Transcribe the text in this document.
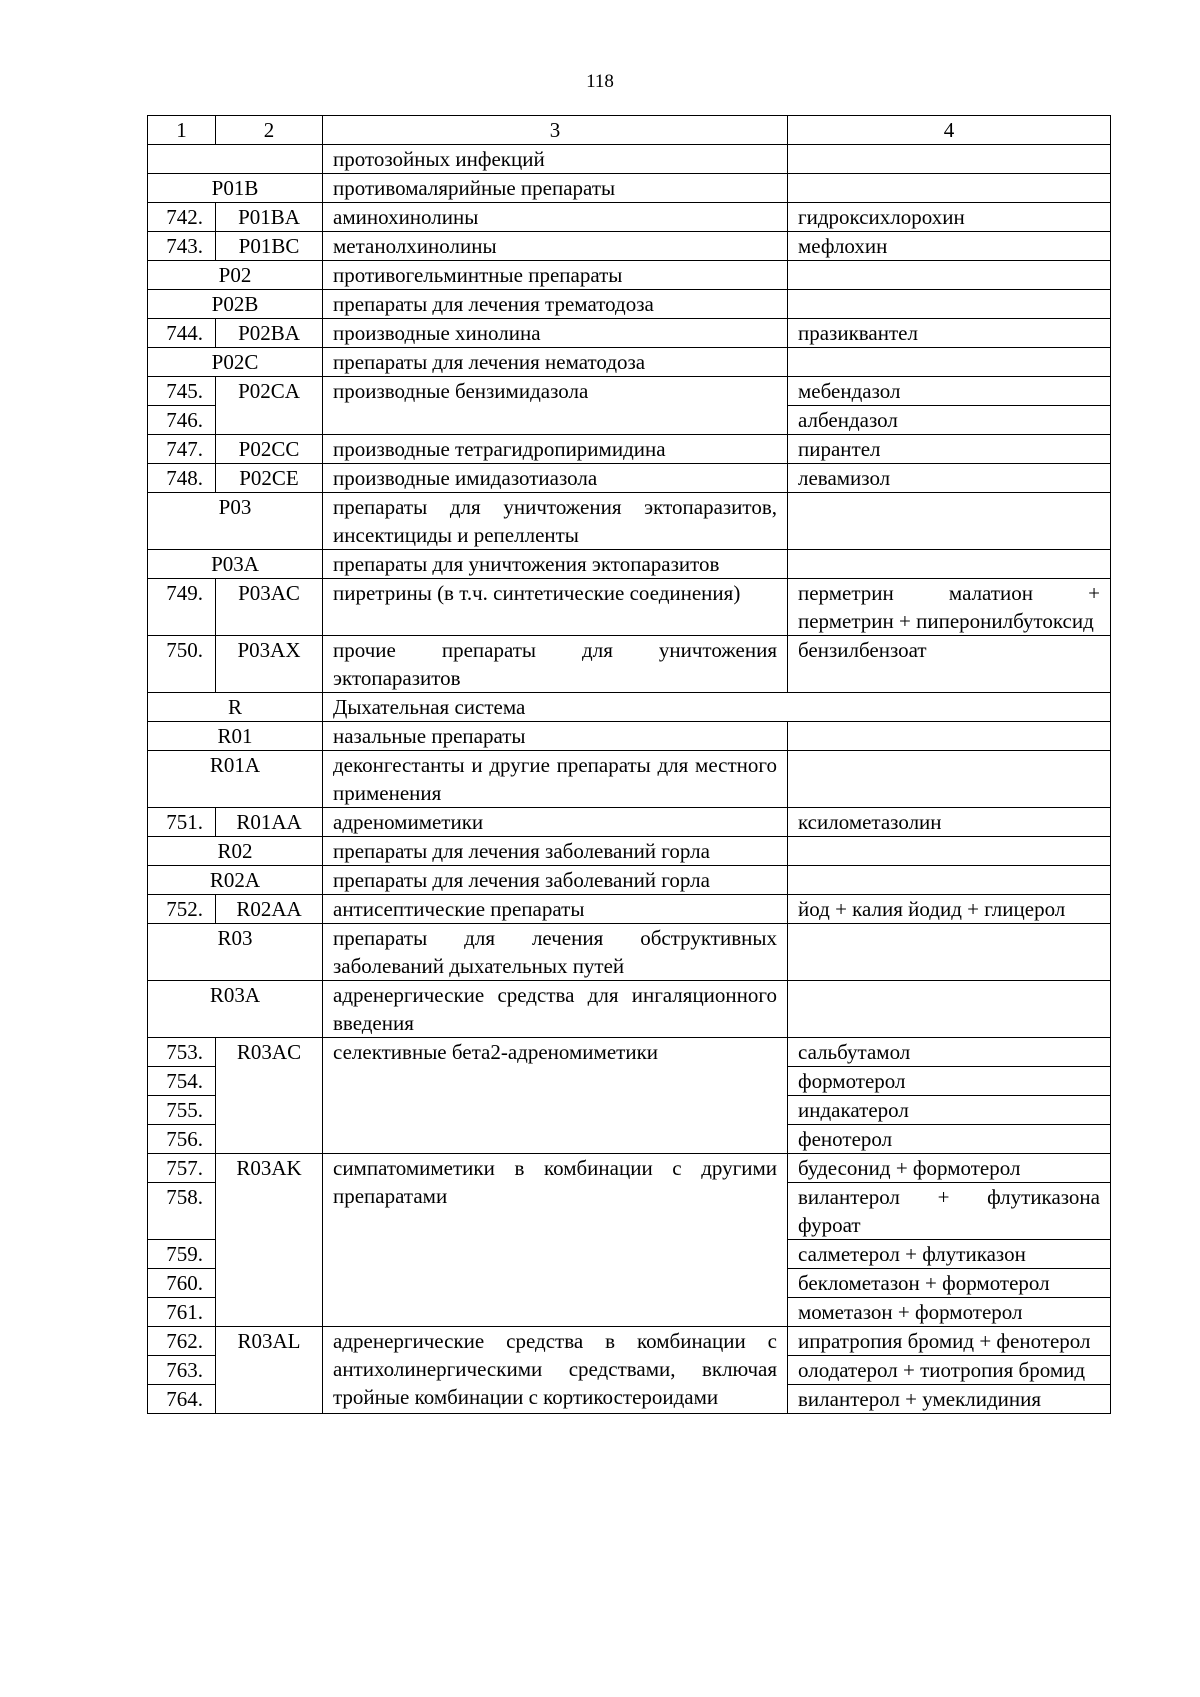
118
1	2	3	4
		протозойных инфекций	
P01B		противомалярийные препараты	
742.	P01BA	аминохинолины	гидроксихлорохин
743.	P01BC	метанолхинолины	мефлохин
P02		противогельминтные препараты	
P02B		препараты для лечения трематодоза	
744.	P02BA	производные хинолина	празиквантел
P02C		препараты для лечения нематодоза	
745.	P02CA	производные бензимидазола	мебендазол
746.			албендазол
747.	P02CC	производные тетрагидропиримидина	пирантел
748.	P02CE	производные имидазотиазола	левамизол
P03		препараты для уничтожения эктопаразитов, инсектициды и репелленты	
P03A		препараты для уничтожения эктопаразитов	
749.	P03AC	пиретрины (в т.ч. синтетические соединения)	перметрин малатион + перметрин + пиперонилбутоксид
750.	P03AX	прочие препараты для уничтожения эктопаразитов	бензилбензоат
R		Дыхательная система	
R01		назальные препараты	
R01A		деконгестанты и другие препараты для местного применения	
751.	R01AA	адреномиметики	ксилометазолин
R02		препараты для лечения заболеваний горла	
R02A		препараты для лечения заболеваний горла	
752.	R02AA	антисептические препараты	йод + калия йодид + глицерол
R03		препараты для лечения обструктивных заболеваний дыхательных путей	
R03A		адренергические средства для ингаляционного введения	
753.	R03AC	селективные бета2-адреномиметики	сальбутамол
754.			формотерол
755.			индакатерол
756.			фенотерол
757.	R03AK	симпатомиметики в комбинации с другими препаратами	будесонид + формотерол
758.			вилантерол + флутиказона фуроат
759.			салметерол + флутиказон
760.			беклометазон + формотерол
761.			мометазон + формотерол
762.	R03AL	адренергические средства в комбинации с антихолинергическими средствами, включая тройные комбинации с кортикостероидами	ипратропия бромид + фенотерол
763.			олодатерол + тиотропия бромид
764.			вилантерол + умеклидиния
